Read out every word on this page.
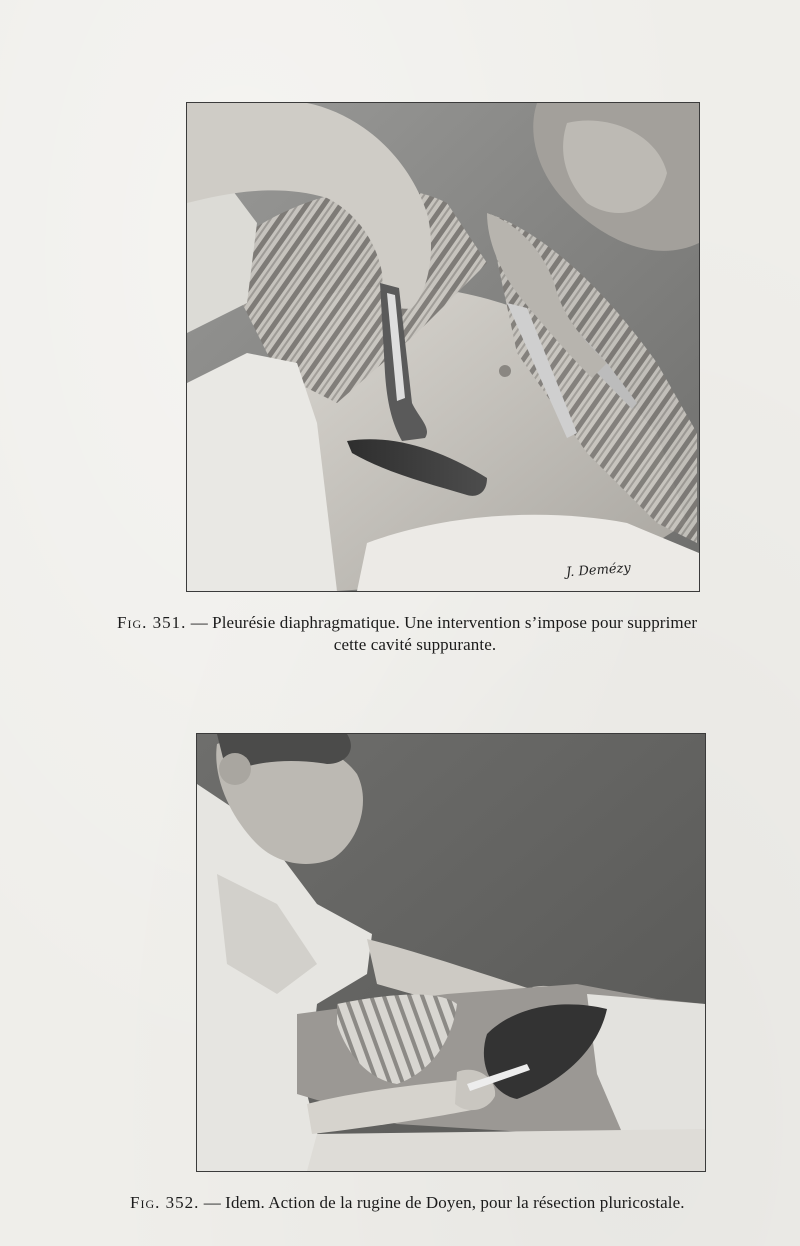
J. Demézy
Fig. 351. — Pleurésie diaphragmatique. Une intervention s’impose pour supprimer
cette cavité suppurante.
Fig. 352. — Idem. Action de la rugine de Doyen, pour la résection pluricostale.
